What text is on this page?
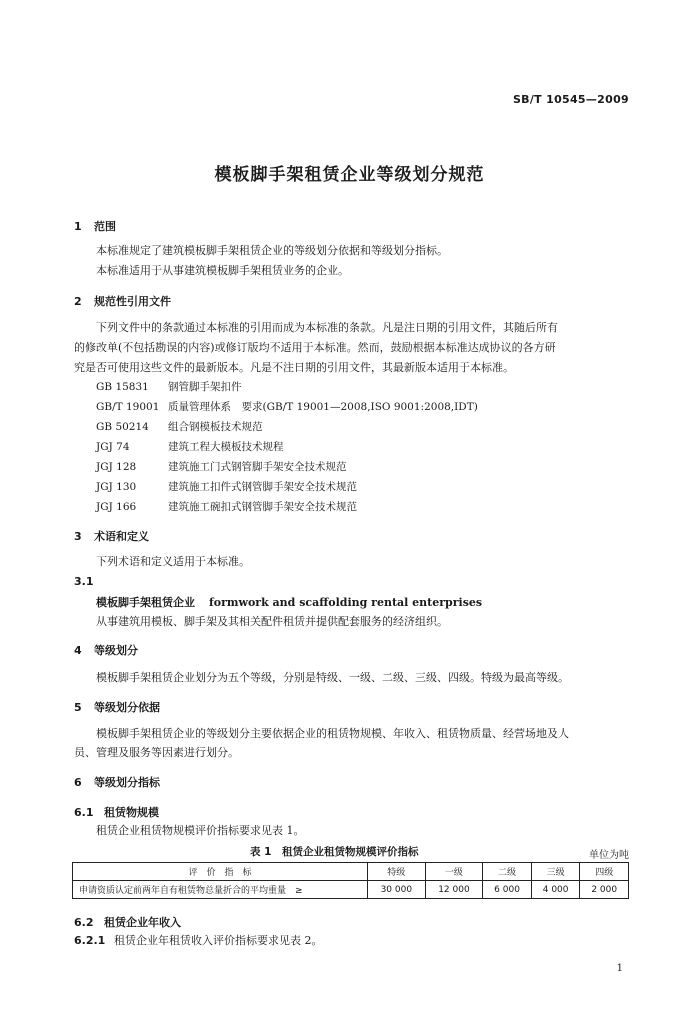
SB/T 10545—2009
模板脚手架租赁企业等级划分规范
1 范围
本标准规定了建筑模板脚手架租赁企业的等级划分依据和等级划分指标。
本标准适用于从事建筑模板脚手架租赁业务的企业。
2 规范性引用文件
下列文件中的条款通过本标准的引用而成为本标准的条款。凡是注日期的引用文件，其随后所有
的修改单(不包括勘误的内容)或修订版均不适用于本标准。然而，鼓励根据本标准达成协议的各方研
究是否可使用这些文件的最新版本。凡是不注日期的引用文件，其最新版本适用于本标准。
GB 15831 钢管脚手架扣件
GB/T 19001 质量管理体系　要求(GB/T 19001—2008,ISO 9001:2008,IDT)
GB 50214 组合钢模板技术规范
JGJ 74	建筑工程大模板技术规程
JGJ 128	建筑施工门式钢管脚手架安全技术规范
JGJ 130	建筑施工扣件式钢管脚手架安全技术规范
JGJ 166	建筑施工碗扣式钢管脚手架安全技术规范
3 术语和定义
下列术语和定义适用于本标准。
3.1
模板脚手架租赁企业 formwork and scaffolding rental enterprises
从事建筑用模板、脚手架及其相关配件租赁并提供配套服务的经济组织。
4 等级划分
模板脚手架租赁企业划分为五个等级，分别是特级、一级、二级、三级、四级。特级为最高等级。
5 等级划分依据
模板脚手架租赁企业的等级划分主要依据企业的租赁物规模、年收入、租赁物质量、经营场地及人
员、管理及服务等因素进行划分。
6 等级划分指标
6.1 租赁物规模
租赁企业租赁物规模评价指标要求见表 1。
表 1　租赁企业租赁物规模评价指标	单位为吨
评　价　指　标	特级	一级	二级	三级	四级
申请资质认定前两年自有租赁物总量折合的平均重量　≥	30 000	12 000	6 000	4 000	2 000
6.2 租赁企业年收入
6.2.1 租赁企业年租赁收入评价指标要求见表 2。
1
